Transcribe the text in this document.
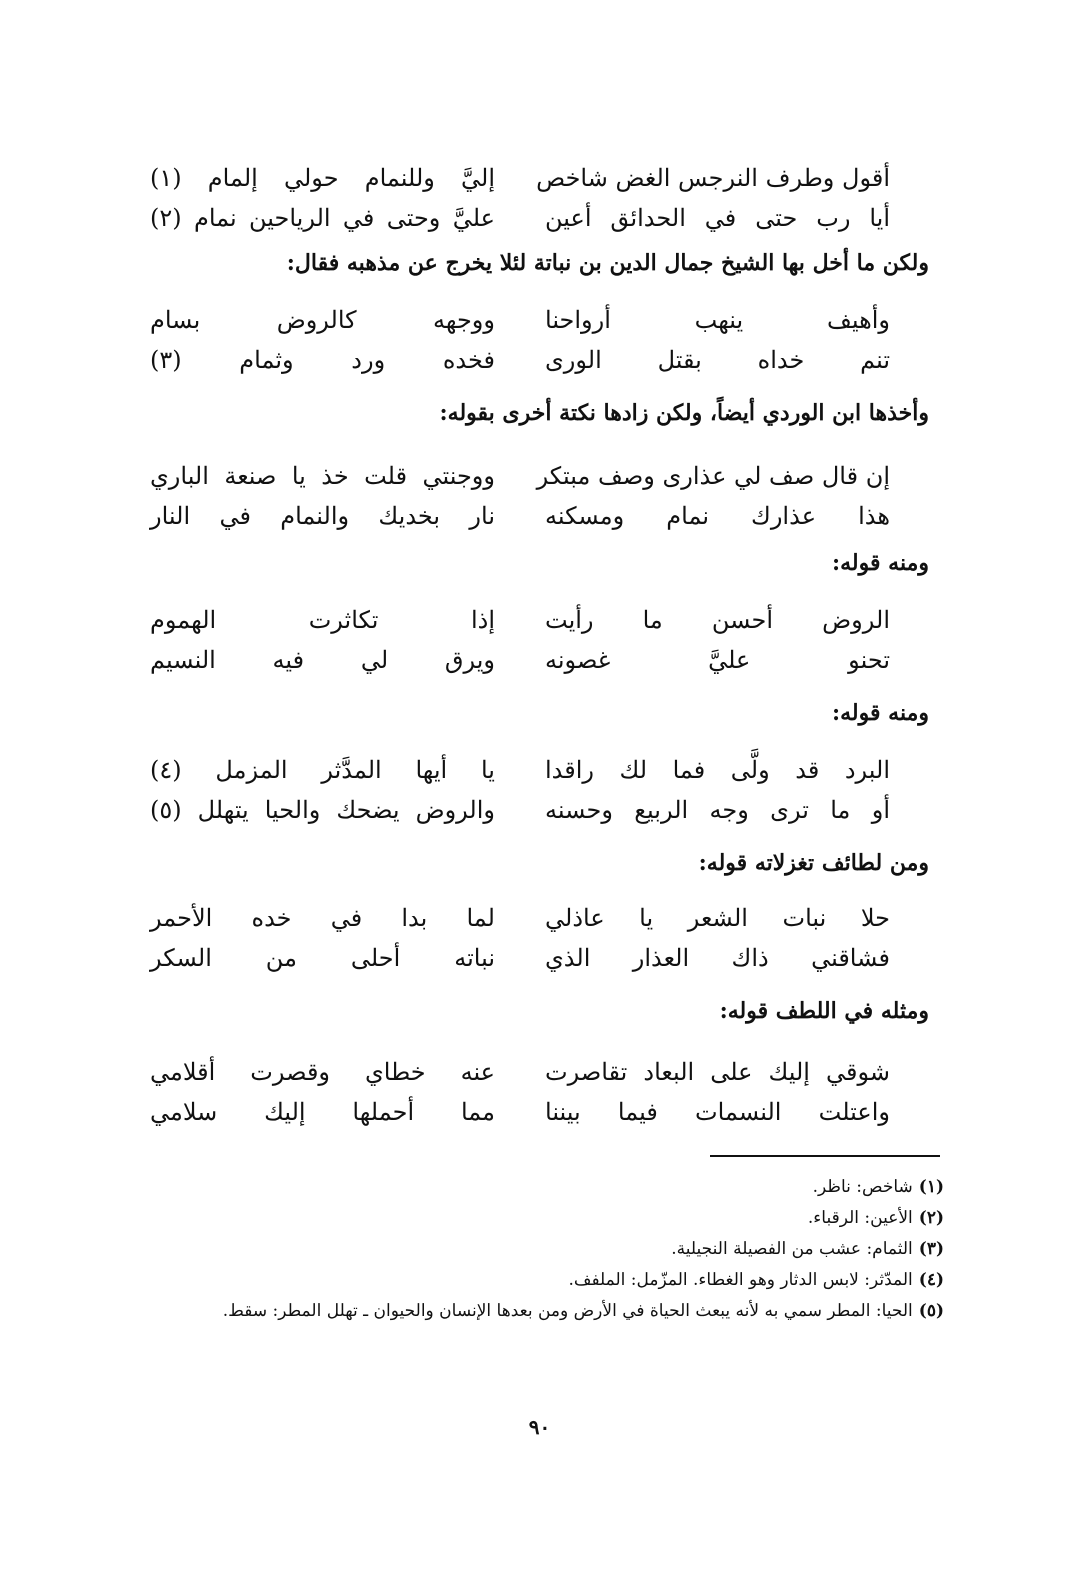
أقول وطرف النرجس الغض شاخص
إليَّ وللنمام حولي إلمام (١)
أيا رب حتى في الحدائق أعين
عليَّ وحتى في الرياحين نمام (٢)
ولكن ما أخل بها الشيخ جمال الدين بن نباتة لئلا يخرج عن مذهبه فقال:
وأهيف ينهب أرواحنا
ووجهه كالروض بسام
تنم خداه بقتل الورى
فخده ورد وثمام (٣)
وأخذها ابن الوردي أيضاً، ولكن زادها نكتة أخرى بقوله:
إن قال صف لي عذارى وصف مبتكر
ووجنتي قلت خذ يا صنعة الباري
هذا عذارك نمام ومسكنه
نار بخديك والنمام في النار
ومنه قوله:
الروض أحسن ما رأيت
إذا تكاثرت الهموم
تحنو عليَّ غصونه
ويرق لي فيه النسيم
ومنه قوله:
البرد قد ولَّى فما لك راقدا
يا أيها المدَّثر المزمل (٤)
أو ما ترى وجه الربيع وحسنه
والروض يضحك والحيا يتهلل (٥)
ومن لطائف تغزلاته قوله:
حلا نبات الشعر يا عاذلي
لما بدا في خده الأحمر
فشاقني ذاك العذار الذي
نباته أحلى من السكر
ومثله في اللطف قوله:
شوقي إليك على البعاد تقاصرت
عنه خطاي وقصرت أقلامي
واعتلت النسمات فيما بيننا
مما أحملها إليك سلامي
(١)شاخص: ناظر.
(٢)الأعين: الرقباء.
(٣)الثمام: عشب من الفصيلة النجيلية.
(٤)المدّثر: لابس الدثار وهو الغطاء. المزّمل: الملفف.
(٥)الحيا: المطر سمي به لأنه يبعث الحياة في الأرض ومن بعدها الإنسان والحيوان ـ تهلل المطر: سقط.
٩٠
